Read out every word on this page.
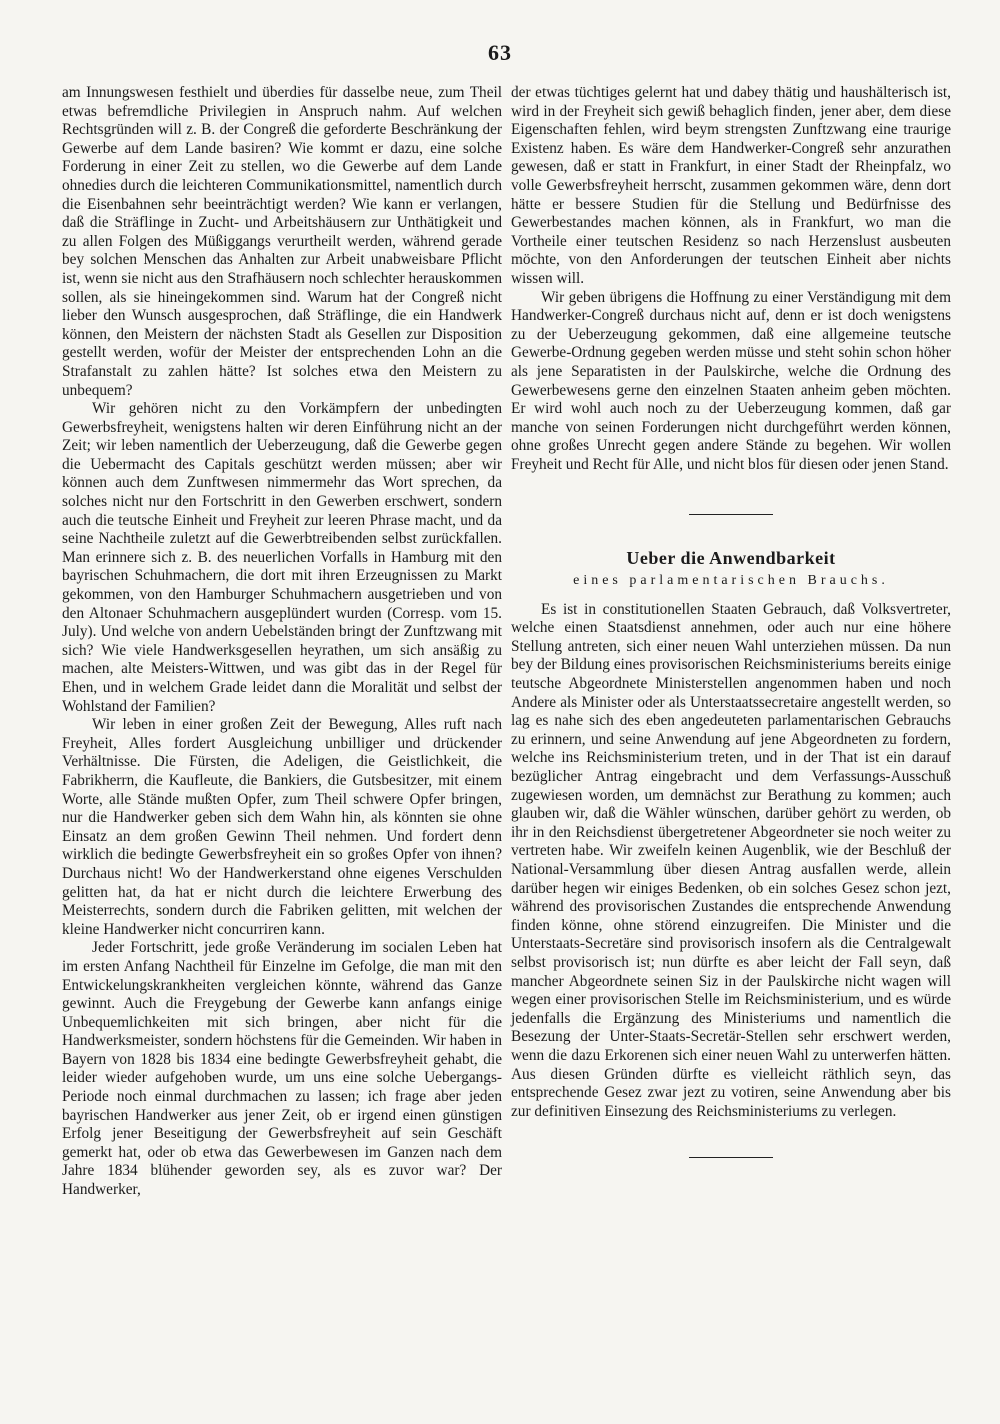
63

am Innungswesen festhielt und überdies für dasselbe neue, zum Theil etwas befremdliche Privilegien in Anspruch nahm. Auf welchen Rechtsgründen will z. B. der Congreß die geforderte Beschränkung der Gewerbe auf dem Lande basiren? Wie kommt er dazu, eine solche Forderung in einer Zeit zu stellen, wo die Gewerbe auf dem Lande ohnedies durch die leichteren Communikationsmittel, namentlich durch die Eisenbahnen sehr beeinträchtigt werden? Wie kann er verlangen, daß die Sträflinge in Zucht- und Arbeitshäusern zur Unthätigkeit und zu allen Folgen des Müßiggangs verurtheilt werden, während gerade bey solchen Menschen das Anhalten zur Arbeit unabweisbare Pflicht ist, wenn sie nicht aus den Strafhäusern noch schlechter herauskommen sollen, als sie hineingekommen sind. Warum hat der Congreß nicht lieber den Wunsch ausgesprochen, daß Sträflinge, die ein Handwerk können, den Meistern der nächsten Stadt als Gesellen zur Disposition gestellt werden, wofür der Meister der entsprechenden Lohn an die Strafanstalt zu zahlen hätte? Ist solches etwa den Meistern zu unbequem?

Wir gehören nicht zu den Vorkämpfern der unbedingten Gewerbsfreyheit, wenigstens halten wir deren Einführung nicht an der Zeit; wir leben namentlich der Ueberzeugung, daß die Gewerbe gegen die Uebermacht des Capitals geschützt werden müssen; aber wir können auch dem Zunftwesen nimmermehr das Wort sprechen, da solches nicht nur den Fortschritt in den Gewerben erschwert, sondern auch die teutsche Einheit und Freyheit zur leeren Phrase macht, und da seine Nachtheile zuletzt auf die Gewerbtreibenden selbst zurückfallen. Man erinnere sich z. B. des neuerlichen Vorfalls in Hamburg mit den bayrischen Schuhmachern, die dort mit ihren Erzeugnissen zu Markt gekommen, von den Hamburger Schuhmachern ausgetrieben und von den Altonaer Schuhmachern ausgeplündert wurden (Corresp. vom 15. July). Und welche von andern Uebelständen bringt der Zunftzwang mit sich? Wie viele Handwerksgesellen heyrathen, um sich ansäßig zu machen, alte Meisters-Wittwen, und was gibt das in der Regel für Ehen, und in welchem Grade leidet dann die Moralität und selbst der Wohlstand der Familien?

Wir leben in einer großen Zeit der Bewegung, Alles ruft nach Freyheit, Alles fordert Ausgleichung unbilliger und drückender Verhältnisse. Die Fürsten, die Adeligen, die Geistlichkeit, die Fabrikherrn, die Kaufleute, die Bankiers, die Gutsbesitzer, mit einem Worte, alle Stände mußten Opfer, zum Theil schwere Opfer bringen, nur die Handwerker geben sich dem Wahn hin, als könnten sie ohne Einsatz an dem großen Gewinn Theil nehmen. Und fordert denn wirklich die bedingte Gewerbsfreyheit ein so großes Opfer von ihnen? Durchaus nicht! Wo der Handwerkerstand ohne eigenes Verschulden gelitten hat, da hat er nicht durch die leichtere Erwerbung des Meisterrechts, sondern durch die Fabriken gelitten, mit welchen der kleine Handwerker nicht concurriren kann.

Jeder Fortschritt, jede große Veränderung im socialen Leben hat im ersten Anfang Nachtheil für Einzelne im Gefolge, die man mit den Entwickelungskrankheiten vergleichen könnte, während das Ganze gewinnt. Auch die Freygebung der Gewerbe kann anfangs einige Unbequemlichkeiten mit sich bringen, aber nicht für die Handwerksmeister, sondern höchstens für die Gemeinden. Wir haben in Bayern von 1828 bis 1834 eine bedingte Gewerbsfreyheit gehabt, die leider wieder aufgehoben wurde, um uns eine solche Uebergangs-Periode noch einmal durchmachen zu lassen; ich frage aber jeden bayrischen Handwerker aus jener Zeit, ob er irgend einen günstigen Erfolg jener Beseitigung der Gewerbsfreyheit auf sein Geschäft gemerkt hat, oder ob etwa das Gewerbewesen im Ganzen nach dem Jahre 1834 blühender geworden sey, als es zuvor war? Der Handwerker,

der etwas tüchtiges gelernt hat und dabey thätig und haushälterisch ist, wird in der Freyheit sich gewiß behaglich finden, jener aber, dem diese Eigenschaften fehlen, wird beym strengsten Zunftzwang eine traurige Existenz haben. Es wäre dem Handwerker-Congreß sehr anzurathen gewesen, daß er statt in Frankfurt, in einer Stadt der Rheinpfalz, wo volle Gewerbsfreyheit herrscht, zusammen gekommen wäre, denn dort hätte er bessere Studien für die Stellung und Bedürfnisse des Gewerbestandes machen können, als in Frankfurt, wo man die Vortheile einer teutschen Residenz so nach Herzenslust ausbeuten möchte, von den Anforderungen der teutschen Einheit aber nichts wissen will.

Wir geben übrigens die Hoffnung zu einer Verständigung mit dem Handwerker-Congreß durchaus nicht auf, denn er ist doch wenigstens zu der Ueberzeugung gekommen, daß eine allgemeine teutsche Gewerbe-Ordnung gegeben werden müsse und steht sohin schon höher als jene Separatisten in der Paulskirche, welche die Ordnung des Gewerbewesens gerne den einzelnen Staaten anheim geben möchten. Er wird wohl auch noch zu der Ueberzeugung kommen, daß gar manche von seinen Forderungen nicht durchgeführt werden können, ohne großes Unrecht gegen andere Stände zu begehen. Wir wollen Freyheit und Recht für Alle, und nicht blos für diesen oder jenen Stand.

Ueber die Anwendbarkeit
eines parlamentarischen Brauchs.

Es ist in constitutionellen Staaten Gebrauch, daß Volksvertreter, welche einen Staatsdienst annehmen, oder auch nur eine höhere Stellung antreten, sich einer neuen Wahl unterziehen müssen. Da nun bey der Bildung eines provisorischen Reichsministeriums bereits einige teutsche Abgeordnete Ministerstellen angenommen haben und noch Andere als Minister oder als Unterstaatssecretaire angestellt werden, so lag es nahe sich des eben angedeuteten parlamentarischen Gebrauchs zu erinnern, und seine Anwendung auf jene Abgeordneten zu fordern, welche ins Reichsministerium treten, und in der That ist ein darauf bezüglicher Antrag eingebracht und dem Verfassungs-Ausschuß zugewiesen worden, um demnächst zur Berathung zu kommen; auch glauben wir, daß die Wähler wünschen, darüber gehört zu werden, ob ihr in den Reichsdienst übergetretener Abgeordneter sie noch weiter zu vertreten habe. Wir zweifeln keinen Augenblik, wie der Beschluß der National-Versammlung über diesen Antrag ausfallen werde, allein darüber hegen wir einiges Bedenken, ob ein solches Gesez schon jezt, während des provisorischen Zustandes die entsprechende Anwendung finden könne, ohne störend einzugreifen. Die Minister und die Unterstaats-Secretäre sind provisorisch insofern als die Centralgewalt selbst provisorisch ist; nun dürfte es aber leicht der Fall seyn, daß mancher Abgeordnete seinen Siz in der Paulskirche nicht wagen will wegen einer provisorischen Stelle im Reichsministerium, und es würde jedenfalls die Ergänzung des Ministeriums und namentlich die Besezung der Unter-Staats-Secretär-Stellen sehr erschwert werden, wenn die dazu Erkorenen sich einer neuen Wahl zu unterwerfen hätten. Aus diesen Gründen dürfte es vielleicht räthlich seyn, das entsprechende Gesez zwar jezt zu votiren, seine Anwendung aber bis zur definitiven Einsezung des Reichsministeriums zu verlegen.
